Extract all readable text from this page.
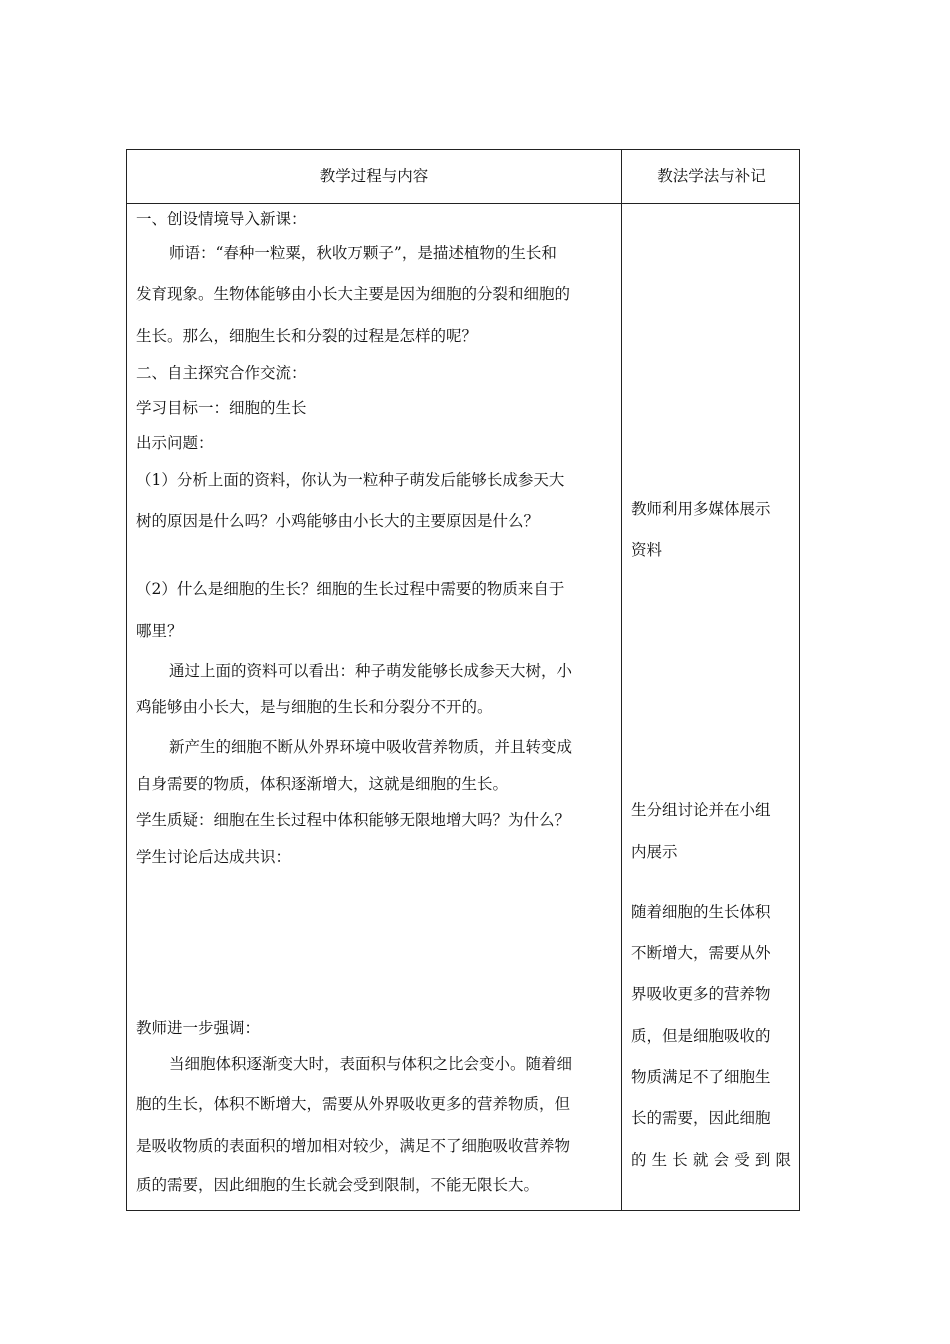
教学过程与内容	教法学法与补记
一、创设情境导入新课：
师语：“春种一粒粟，秋收万颗子”，是描述植物的生长和
发育现象。生物体能够由小长大主要是因为细胞的分裂和细胞的
生长。那么，细胞生长和分裂的过程是怎样的呢？
二、自主探究合作交流：
学习目标一：细胞的生长
出示问题：
（1）分析上面的资料，你认为一粒种子萌发后能够长成参天大
树的原因是什么吗？小鸡能够由小长大的主要原因是什么？
（2）什么是细胞的生长？细胞的生长过程中需要的物质来自于
哪里？
通过上面的资料可以看出：种子萌发能够长成参天大树，小
鸡能够由小长大，是与细胞的生长和分裂分不开的。
新产生的细胞不断从外界环境中吸收营养物质，并且转变成
自身需要的物质，体积逐渐增大，这就是细胞的生长。
学生质疑：细胞在生长过程中体积能够无限地增大吗？为什么？
学生讨论后达成共识：
教师进一步强调：
当细胞体积逐渐变大时，表面积与体积之比会变小。随着细
胞的生长，体积不断增大，需要从外界吸收更多的营养物质，但
是吸收物质的表面积的增加相对较少，满足不了细胞吸收营养物
质的需要，因此细胞的生长就会受到限制，不能无限长大。
教师利用多媒体展示
资料
生分组讨论并在小组
内展示
随着细胞的生长体积
不断增大，需要从外
界吸收更多的营养物
质，但是细胞吸收的
物质满足不了细胞生
长的需要，因此细胞
的生长就会受到限
